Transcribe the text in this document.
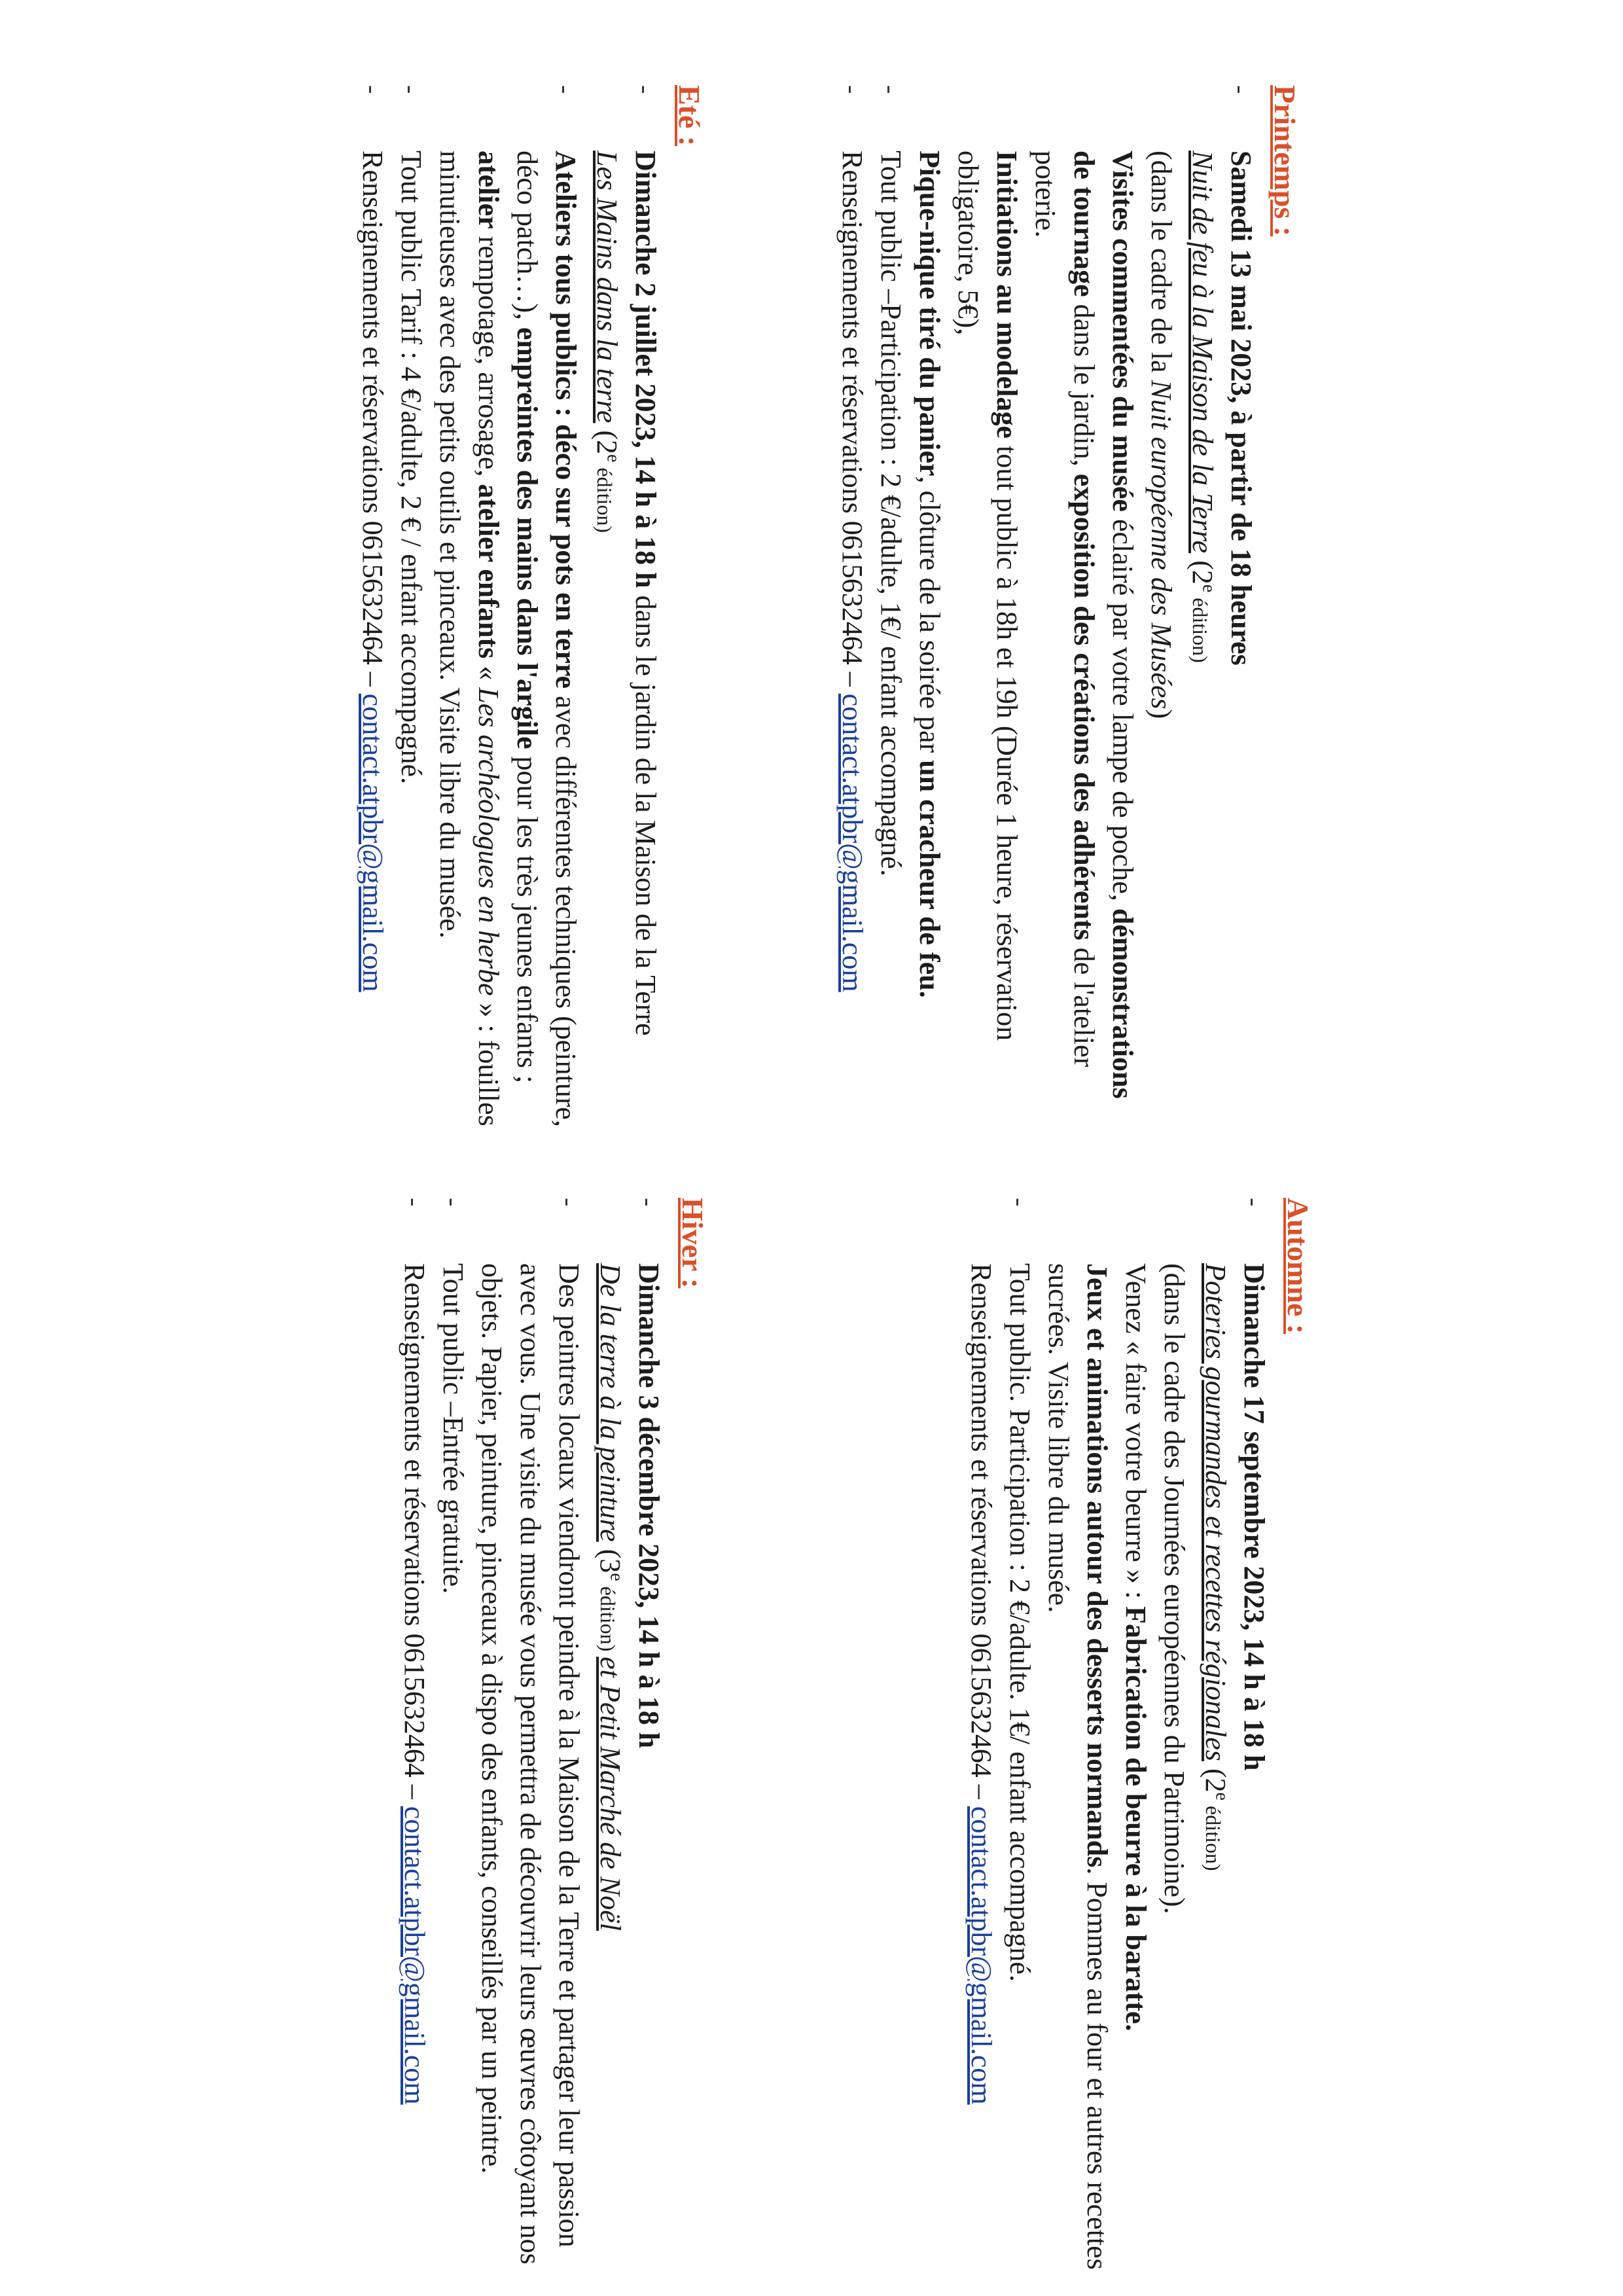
Printemps :
- Samedi 13 mai 2023, à partir de 18 heures
Nuit de feu à la Maison de la Terre (2e édition)
(dans le cadre de la Nuit européenne des Musées)
Visites commentées du musée éclairé par votre lampe de poche, démonstrations de tournage dans le jardin, exposition des créations des adhérents de l'atelier poterie.
Initiations au modelage tout public à 18h et 19h (Durée 1 heure, réservation obligatoire, 5€),
Pique-nique tiré du panier, clôture de la soirée par un cracheur de feu.
- Tout public –Participation : 2 €/adulte, 1€/ enfant accompagné.
- Renseignements et réservations 0615632464 – contact.atpbr@gmail.com
Automne :
- Dimanche 17 septembre 2023, 14 h à 18 h
Poteries gourmandes et recettes régionales (2e édition)
(dans le cadre des Journées européennes du Patrimoine).
Venez « faire votre beurre » : Fabrication de beurre à la baratte.
Jeux et animations autour des desserts normands. Pommes au four et autres recettes sucrées. Visite libre du musée.
- Tout public. Participation : 2 €/adulte. 1€/ enfant accompagné.
Renseignements et réservations 0615632464 – contact.atpbr@gmail.com
Eté :
- Dimanche 2 juillet 2023, 14 h à 18 h dans le jardin de la Maison de la Terre
Les Mains dans la terre (2e édition)
- Ateliers tous publics : déco sur pots en terre avec différentes techniques (peinture, déco patch…), empreintes des mains dans l'argile pour les très jeunes enfants ; atelier rempotage, arrosage, atelier enfants « Les archéologues en herbe » : fouilles minutieuses avec des petits outils et pinceaux. Visite libre du musée.
- Tout public Tarif : 4 €/adulte, 2 € / enfant accompagné.
- Renseignements et réservations 0615632464 – contact.atpbr@gmail.com
Hiver :
- Dimanche 3 décembre 2023, 14 h à 18 h
De la terre à la peinture (3e édition) et Petit Marché de Noël
- Des peintres locaux viendront peindre à la Maison de la Terre et partager leur passion avec vous. Une visite du musée vous permettra de découvrir leurs œuvres côtoyant nos objets. Papier, peinture, pinceaux à dispo des enfants, conseillés par un peintre.
- Tout public –Entrée gratuite.
- Renseignements et réservations 0615632464 – contact.atpbr@gmail.com
